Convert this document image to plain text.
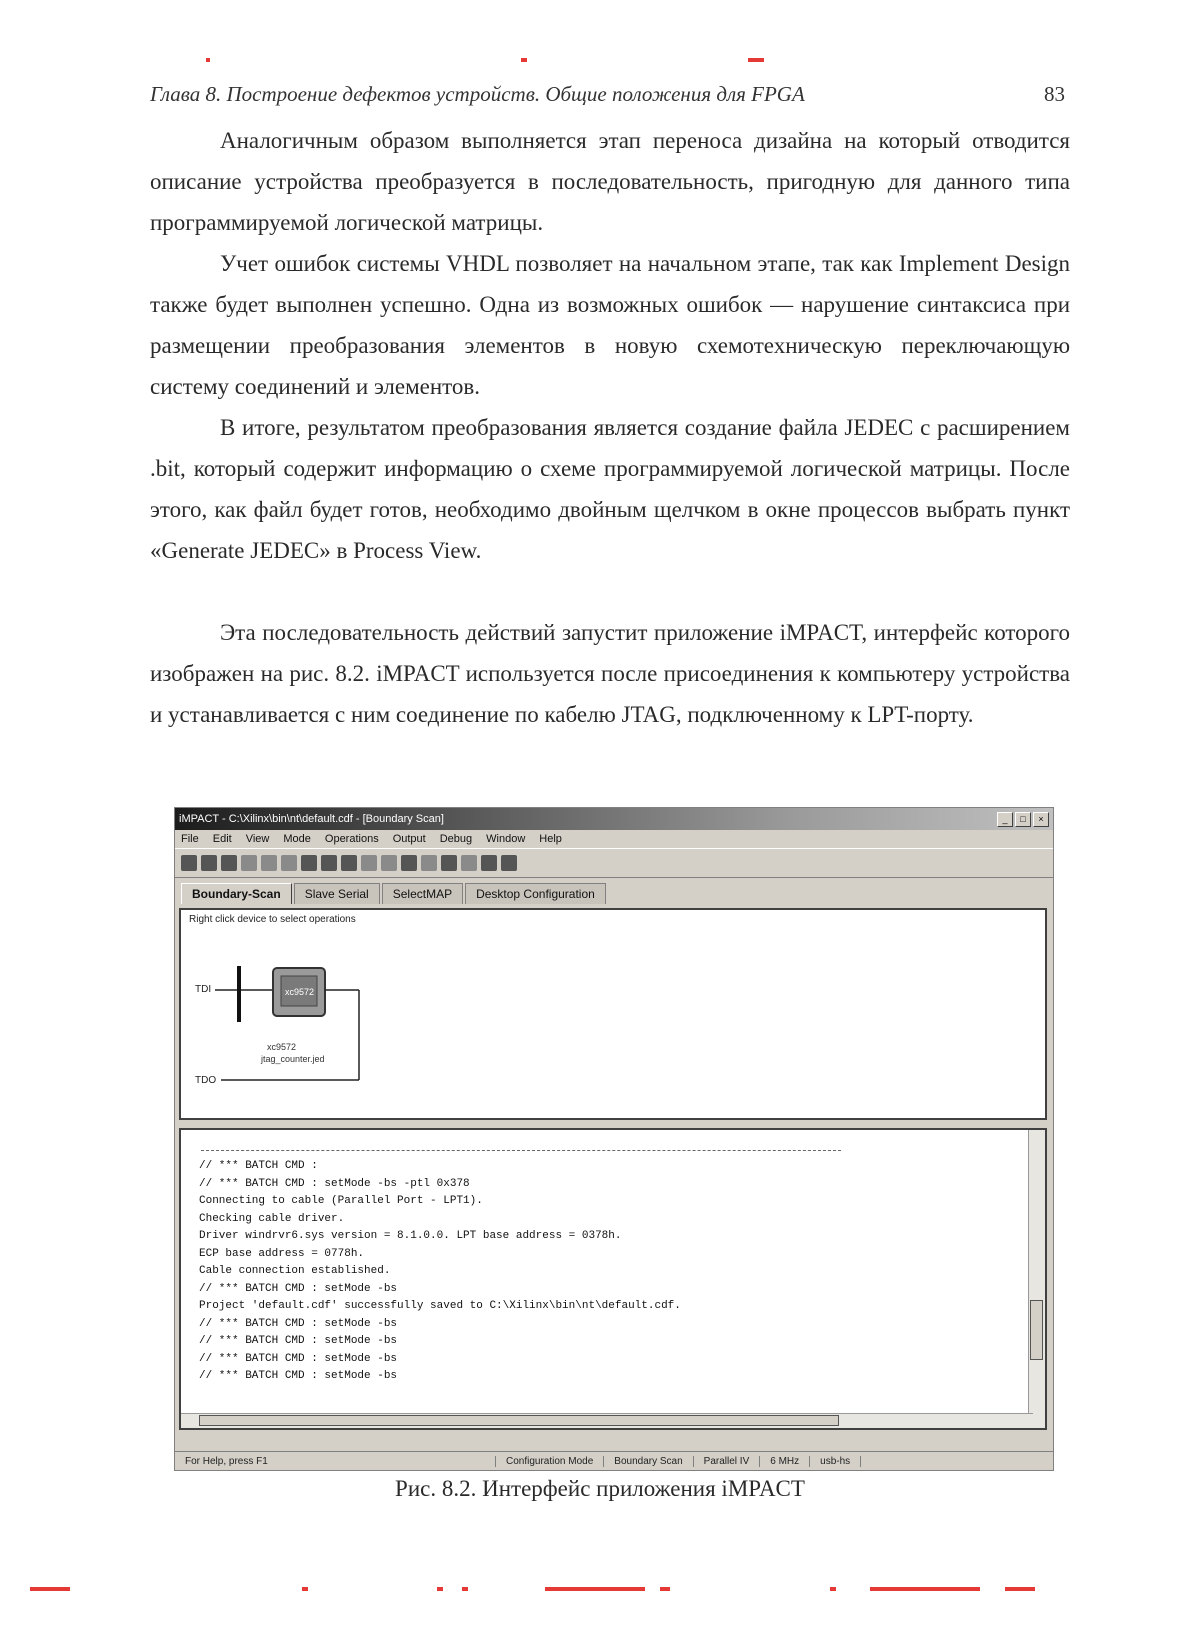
Глава 8. Построение дефектов устройств. Общие положения для FPGA	83

Аналогичным образом выполняется этап переноса дизайна на который отводится описание устройства преобразуется в последовательность, пригодную для данного типа программируемой логической матрицы.

Учет ошибок системы VHDL позволяет на начальном этапе, так как Implement Design также будет выполнен успешно. Одна из возможных ошибок — нарушение синтаксиса при размещении преобразования элементов в новую схемотехническую переключающую систему соединений и элементов.

В итоге, результатом преобразования является создание файла JEDEC с расширением .bit, который содержит информацию о схеме программируемой логической матрицы. После этого, как файл будет готов, необходимо двойным щелчком в окне процессов выбрать пункт «Generate JEDEC» в Process View.

Эта последовательность действий запустит приложение iMPACT, интерфейс которого изображен на рис. 8.2. iMPACT используется после присоединения к компьютеру устройства и устанавливается с ним соединение по кабелю JTAG, подключенному к LPT-порту.

iMPACT - C:\Xilinx\bin\nt\default.cdf - [Boundary Scan]	_	□	×
File Edit View Mode Operations Output Debug Window Help
Boundary-Scan	Slave Serial	SelectMAP	Desktop Configuration
Right click device to select operations
TDI	xc9572
xc9572
jtag_counter.jed
TDO
// *** BATCH CMD :
// *** BATCH CMD : setMode -bs -ptl 0x378
Connecting to cable (Parallel Port - LPT1).
Checking cable driver.
Driver windrvr6.sys version = 8.1.0.0. LPT base address = 0378h.
ECP base address = 0778h.
Cable connection established.
// *** BATCH CMD : setMode -bs
Project 'default.cdf' successfully saved to C:\Xilinx\bin\nt\default.cdf.
// *** BATCH CMD : setMode -bs
// *** BATCH CMD : setMode -bs
// *** BATCH CMD : setMode -bs
// *** BATCH CMD : setMode -bs
For Help, press F1	Configuration Mode	Boundary Scan	Parallel IV	6 MHz	usb-hs
Рис. 8.2. Интерфейс приложения iMPACT
